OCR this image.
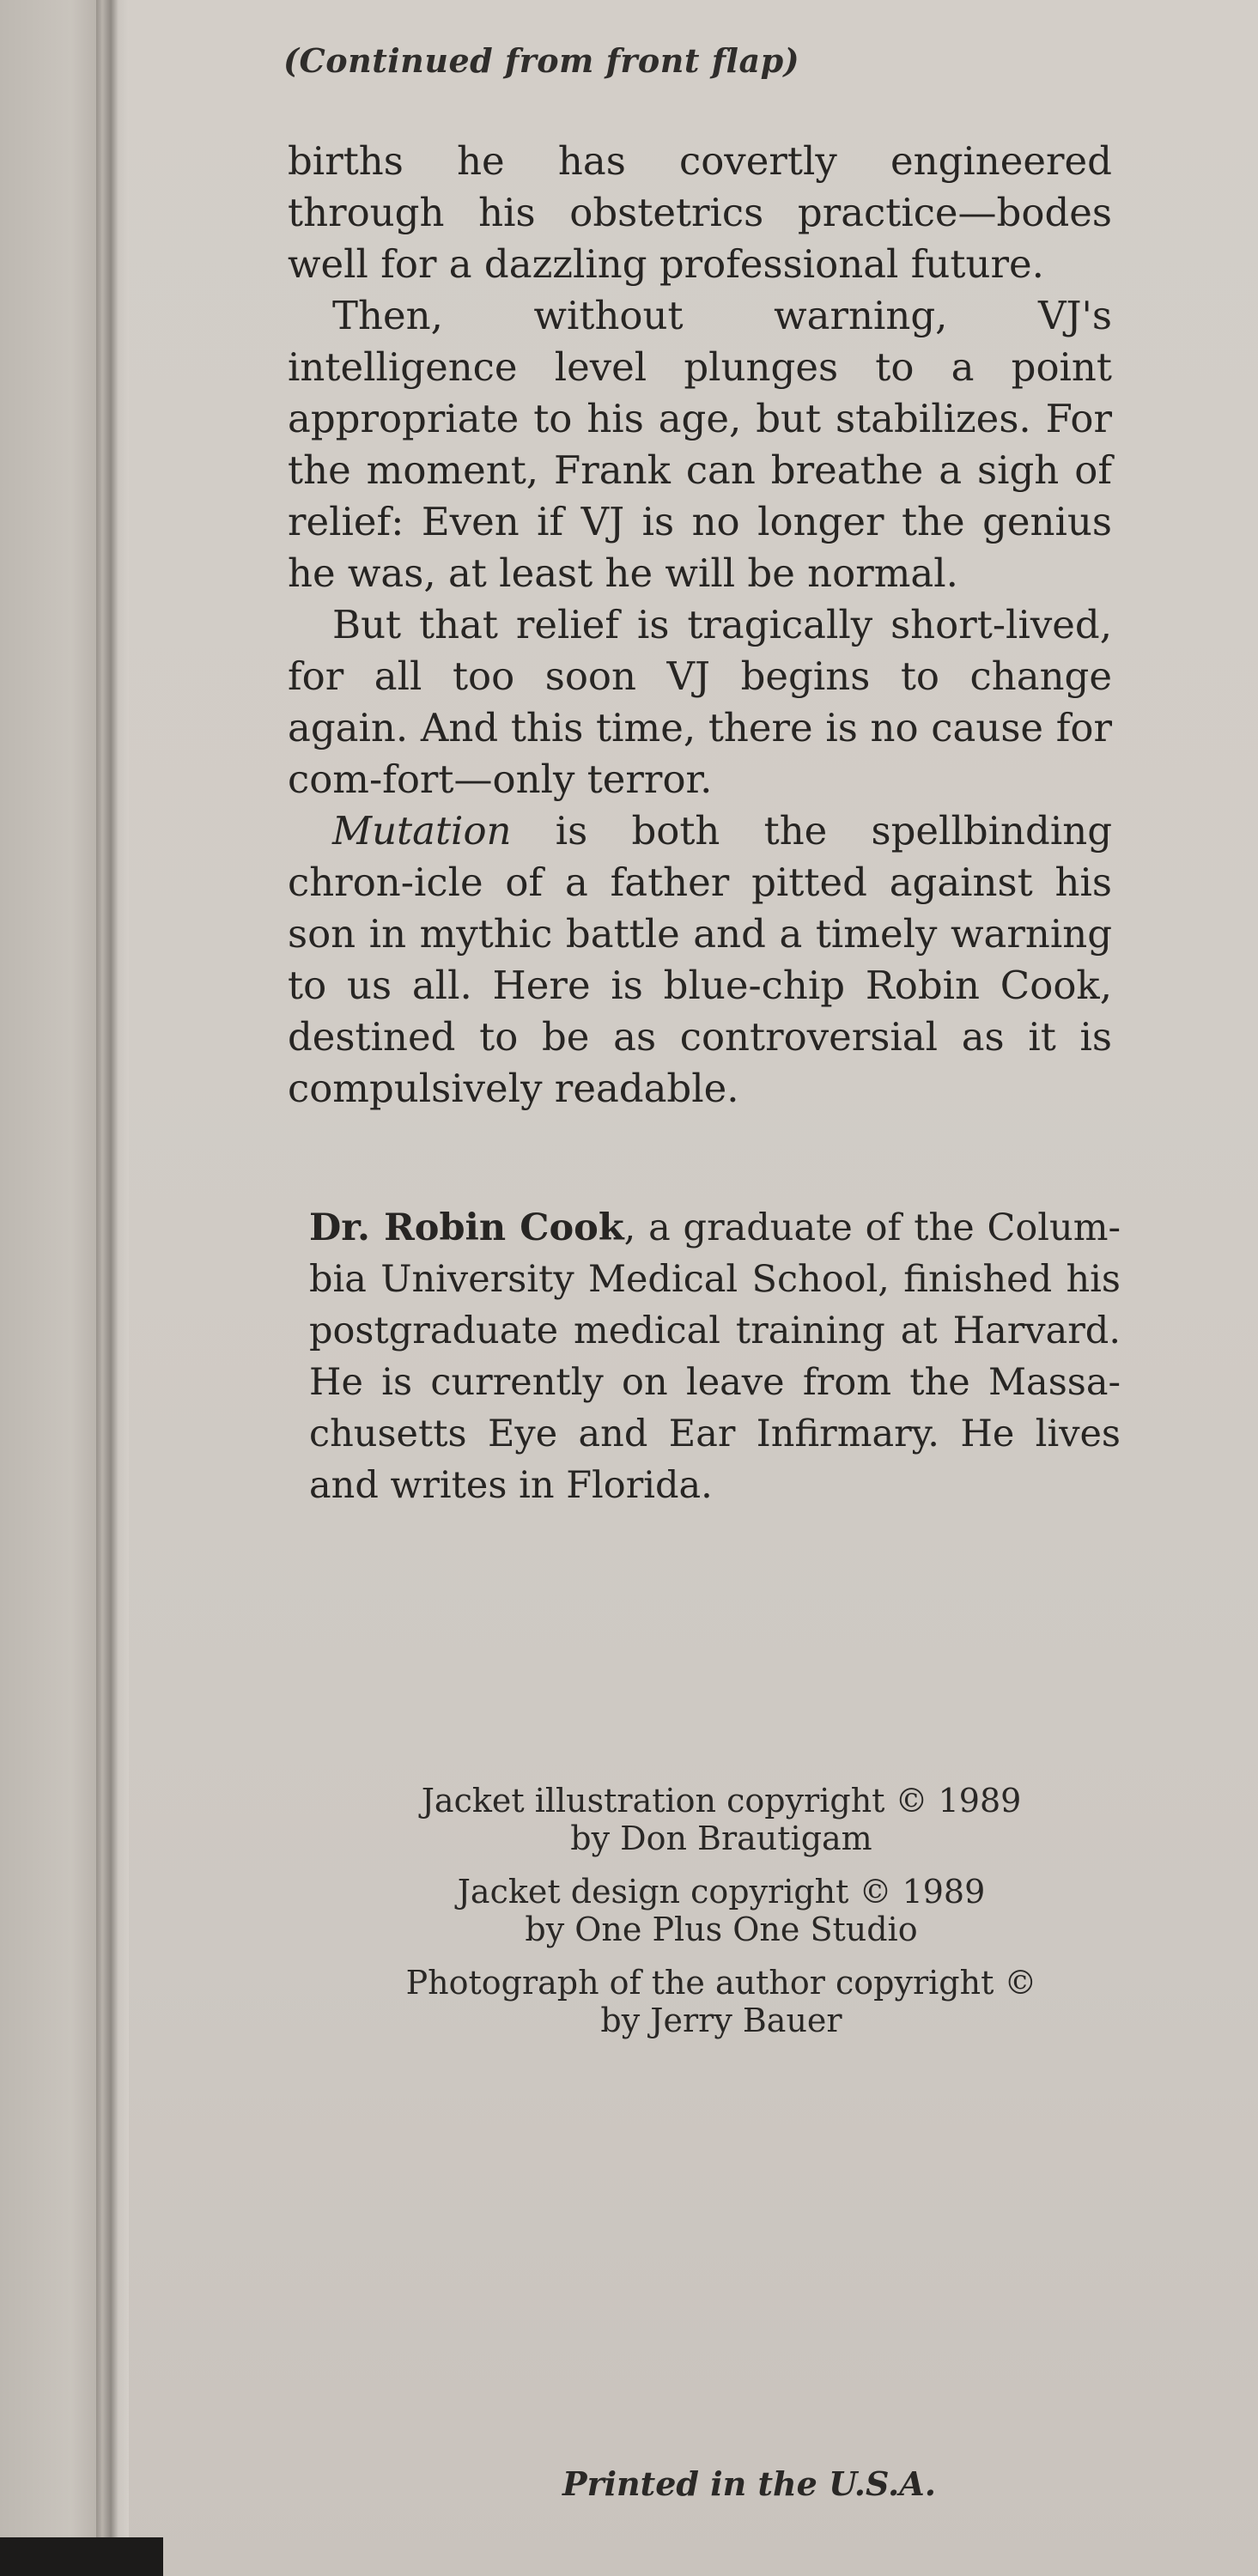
(Continued from front flap)

births he has covertly engineered through his obstetrics practice—bodes well for a dazzling professional future.

Then, without warning, VJ's intelligence level plunges to a point appropriate to his age, but stabilizes. For the moment, Frank can breathe a sigh of relief: Even if VJ is no longer the genius he was, at least he will be normal.

But that relief is tragically short-lived, for all too soon VJ begins to change again. And this time, there is no cause for com-fort—only terror.

Mutation is both the spellbinding chron-icle of a father pitted against his son in mythic battle and a timely warning to us all. Here is blue-chip Robin Cook, destined to be as controversial as it is compulsively readable.

Dr. Robin Cook, a graduate of the Colum-bia University Medical School, finished his postgraduate medical training at Harvard. He is currently on leave from the Massa-chusetts Eye and Ear Infirmary. He lives and writes in Florida.
Jacket illustration copyright © 1989
by Don Brautigam
Jacket design copyright © 1989
by One Plus One Studio
Photograph of the author copyright ©
by Jerry Bauer
Printed in the U.S.A.
